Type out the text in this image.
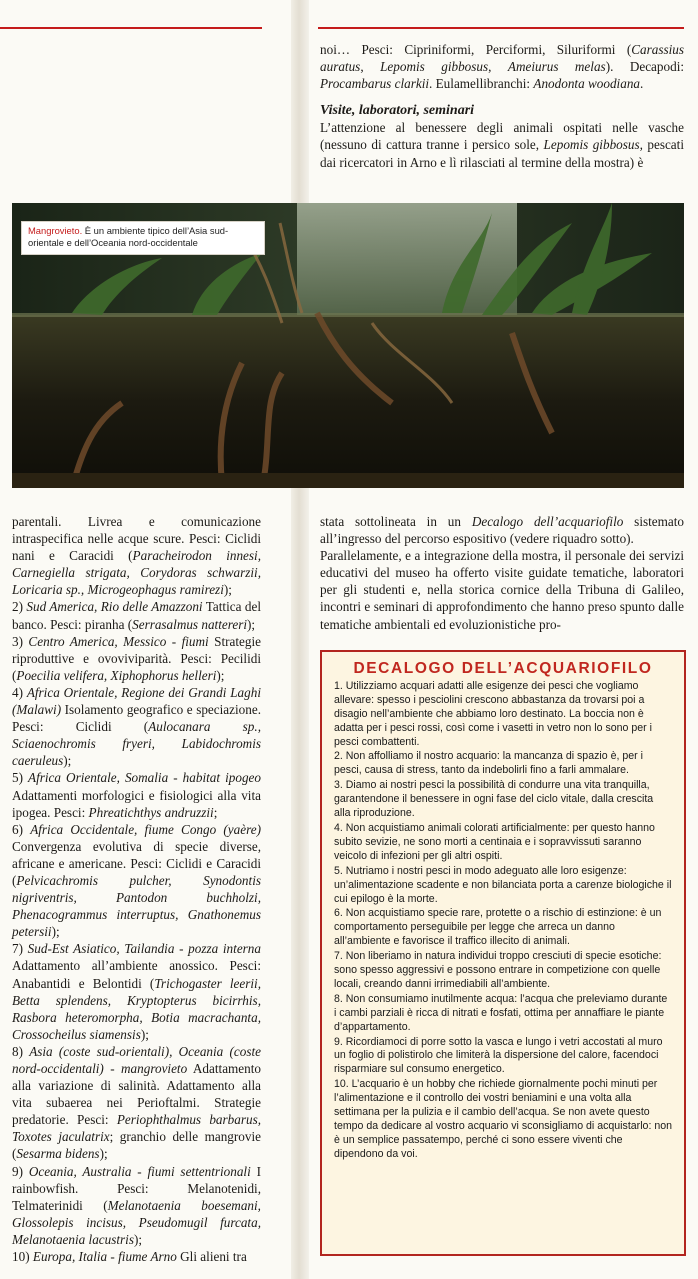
noi… Pesci: Cipriniformi, Perciformi, Siluriformi (Carassius auratus, Lepomis gibbosus, Ameiurus melas). Decapodi: Procambarus clarkii. Eulamellibranchi: Anodonta woodiana.

Visite, laboratori, seminari

L’attenzione al benessere degli animali ospitati nelle vasche (nessuno di cattura tranne i persico sole, Lepomis gibbosus, pescati dai ricercatori in Arno e lì rilasciati al termine della mostra) è

Mangrovieto. È un ambiente tipico dell’Asia sud-orientale e dell’Oceania nord-occidentale

parentali. Livrea e comunicazione intraspecifica nelle acque scure. Pesci: Ciclidi nani e Caracidi (Paracheirodon innesi, Carnegiella strigata, Corydoras schwarzii, Loricaria sp., Microgeophagus ramirezi);

2) Sud America, Rio delle Amazzoni Tattica del banco. Pesci: piranha (Serrasalmus nattereri);

3) Centro America, Messico - fiumi Strategie riproduttive e ovoviviparità. Pesci: Pecilidi (Poecilia velifera, Xiphophorus helleri);

4) Africa Orientale, Regione dei Grandi Laghi (Malawi) Isolamento geografico e speciazione. Pesci: Ciclidi (Aulocanara sp., Sciaenochromis fryeri, Labidochromis caeruleus);

5) Africa Orientale, Somalia - habitat ipogeo Adattamenti morfologici e fisiologici alla vita ipogea. Pesci: Phreatichthys andruzzii;

6) Africa Occidentale, fiume Congo (yaère) Convergenza evolutiva di specie diverse, africane e americane. Pesci: Ciclidi e Caracidi (Pelvicachromis pulcher, Synodontis nigriventris, Pantodon buchholzi, Phenacogrammus interruptus, Gnathonemus petersii);

7) Sud-Est Asiatico, Tailandia - pozza interna Adattamento all’ambiente anossico. Pesci: Anabantidi e Belontidi (Trichogaster leerii, Betta splendens, Kryptopterus bicirrhis, Rasbora heteromorpha, Botia macrachanta, Crossocheilus siamensis);

8) Asia (coste sud-orientali), Oceania (coste nord-occidentali) - mangrovieto Adattamento alla variazione di salinità. Adattamento alla vita subaerea nei Perioftalmi. Strategie predatorie. Pesci: Periophthalmus barbarus, Toxotes jaculatrix; granchio delle mangrovie (Sesarma bidens);

9) Oceania, Australia - fiumi settentrionali I rainbowfish. Pesci: Melanotenidi, Telmaterinidi (Melanotaenia boesemani, Glossolepis incisus, Pseudomugil furcata, Melanotaenia lacustris);

10) Europa, Italia - fiume Arno Gli alieni tra

stata sottolineata in un Decalogo dell’acquariofilo sistemato all’ingresso del percorso espositivo (vedere riquadro sotto).

Parallelamente, e a integrazione della mostra, il personale dei servizi educativi del museo ha offerto visite guidate tematiche, laboratori per gli studenti e, nella storica cornice della Tribuna di Galileo, incontri e seminari di approfondimento che hanno preso spunto dalle tematiche ambientali ed evoluzionistiche pro-

DECALOGO DELL’ACQUARIOFILO

1. Utilizziamo acquari adatti alle esigenze dei pesci che vogliamo allevare: spesso i pesciolini crescono abbastanza da trovarsi poi a disagio nell’ambiente che abbiamo loro destinato. La boccia non è adatta per i pesci rossi, così come i vasetti in vetro non lo sono per i pesci combattenti.

2. Non affolliamo il nostro acquario: la mancanza di spazio è, per i pesci, causa di stress, tanto da indebolirli fino a farli ammalare.

3. Diamo ai nostri pesci la possibilità di condurre una vita tranquilla, garantendone il benessere in ogni fase del ciclo vitale, dalla crescita alla riproduzione.

4. Non acquistiamo animali colorati artificialmente: per questo hanno subito sevizie, ne sono morti a centinaia e i sopravvissuti saranno veicolo di infezioni per gli altri ospiti.

5. Nutriamo i nostri pesci in modo adeguato alle loro esigenze: un’alimentazione scadente e non bilanciata porta a carenze biologiche il cui epilogo è la morte.

6. Non acquistiamo specie rare, protette o a rischio di estinzione: è un comportamento perseguibile per legge che arreca un danno all’ambiente e favorisce il traffico illecito di animali.

7. Non liberiamo in natura individui troppo cresciuti di specie esotiche: sono spesso aggressivi e possono entrare in competizione con quelle locali, creando danni irrimediabili all’ambiente.

8. Non consumiamo inutilmente acqua: l’acqua che preleviamo durante i cambi parziali è ricca di nitrati e fosfati, ottima per annaffiare le piante d’appartamento.

9. Ricordiamoci di porre sotto la vasca e lungo i vetri accostati al muro un foglio di polistirolo che limiterà la dispersione del calore, facendoci risparmiare sul consumo energetico.

10. L’acquario è un hobby che richiede giornalmente pochi minuti per l’alimentazione e il controllo dei vostri beniamini e una volta alla settimana per la pulizia e il cambio dell’acqua. Se non avete questo tempo da dedicare al vostro acquario vi sconsigliamo di acquistarlo: non è un semplice passatempo, perché ci sono essere viventi che dipendono da voi.
